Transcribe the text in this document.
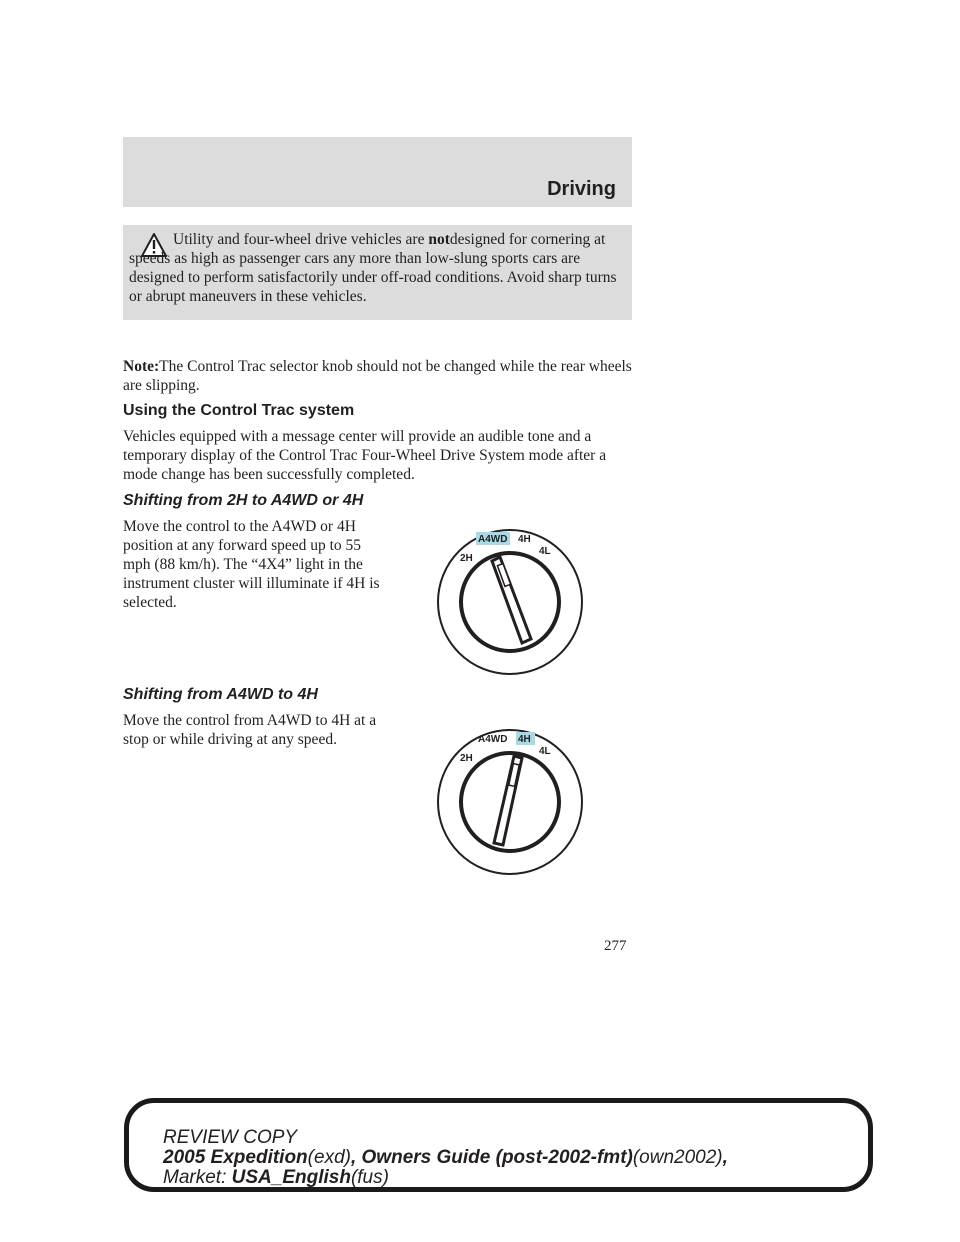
Driving

Utility and four-wheel drive vehicles are notdesigned for cornering at speeds as high as passenger cars any more than low-slung sports cars are designed to perform satisfactorily under off-road conditions. Avoid sharp turns or abrupt maneuvers in these vehicles.

Note:The Control Trac selector knob should not be changed while the rear wheels are slipping.

Using the Control Trac system

Vehicles equipped with a message center will provide an audible tone and a temporary display of the Control Trac Four-Wheel Drive System mode after a mode change has been successfully completed.

Shifting from 2H to A4WD or 4H

Move the control to the A4WD or 4H position at any forward speed up to 55 mph (88 km/h). The “4X4” light in the instrument cluster will illuminate if 4H is selected.

2H
A4WD 4H
4L
Shifting from A4WD to 4H

Move the control from A4WD to 4H at a stop or while driving at any speed.

2H
A4WD 4H
4L
277
REVIEW COPY
2005 Expedition(exd), Owners Guide (post-2002-fmt)(own2002),
Market: USA_English(fus)
